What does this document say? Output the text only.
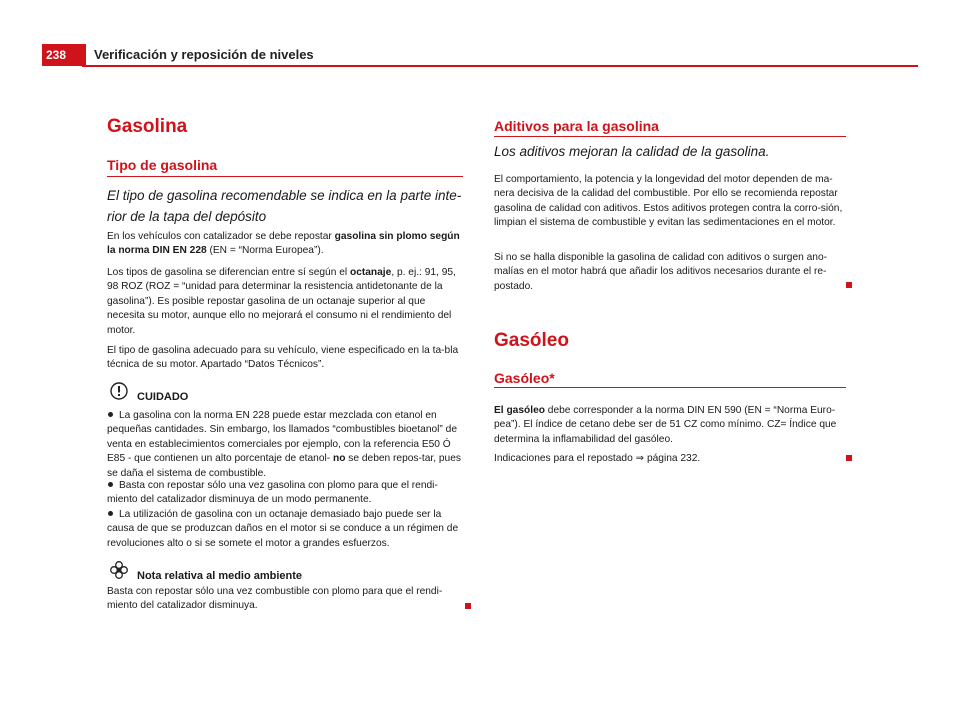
238	Verificación y reposición de niveles
Gasolina
Tipo de gasolina
El tipo de gasolina recomendable se indica en la parte inte-rior de la tapa del depósito
En los vehículos con catalizador se debe repostar gasolina sin plomo según la norma DIN EN 228 (EN = “Norma Europea”).
Los tipos de gasolina se diferencian entre sí según el octanaje, p. ej.: 91, 95, 98 ROZ (ROZ = “unidad para determinar la resistencia antidetonante de la gasolina”). Es posible repostar gasolina de un octanaje superior al que necesita su motor, aunque ello no mejorará el consumo ni el rendimiento del motor.
El tipo de gasolina adecuado para su vehículo, viene especificado en la ta-bla técnica de su motor. Apartado “Datos Técnicos”.
CUIDADO
La gasolina con la norma EN 228 puede estar mezclada con etanol en pequeñas cantidades. Sin embargo, los llamados “combustibles bioetanol” de venta en establecimientos comerciales por ejemplo, con la referencia E50 Ó E85 - que contienen un alto porcentaje de etanol- no se deben repos-tar, pues se daña el sistema de combustible.
Basta con repostar sólo una vez gasolina con plomo para que el rendi-miento del catalizador disminuya de un modo permanente.
La utilización de gasolina con un octanaje demasiado bajo puede ser la causa de que se produzcan daños en el motor si se conduce a un régimen de revoluciones alto o si se somete el motor a grandes esfuerzos.
Nota relativa al medio ambiente
Basta con repostar sólo una vez combustible con plomo para que el rendi-miento del catalizador disminuya.
Aditivos para la gasolina
Los aditivos mejoran la calidad de la gasolina.
El comportamiento, la potencia y la longevidad del motor dependen de ma-nera decisiva de la calidad del combustible. Por ello se recomienda repostar gasolina de calidad con aditivos. Estos aditivos protegen contra la corro-sión, limpian el sistema de combustible y evitan las sedimentaciones en el motor.
Si no se halla disponible la gasolina de calidad con aditivos o surgen ano-malías en el motor habrá que añadir los aditivos necesarios durante el re-postado.
Gasóleo
Gasóleo*
El gasóleo debe corresponder a la norma DIN EN 590 (EN = “Norma Euro-pea”). El índice de cetano debe ser de 51 CZ como mínimo. CZ= Índice que determina la inflamabilidad del gasóleo.
Indicaciones para el repostado ⇒ página 232.
